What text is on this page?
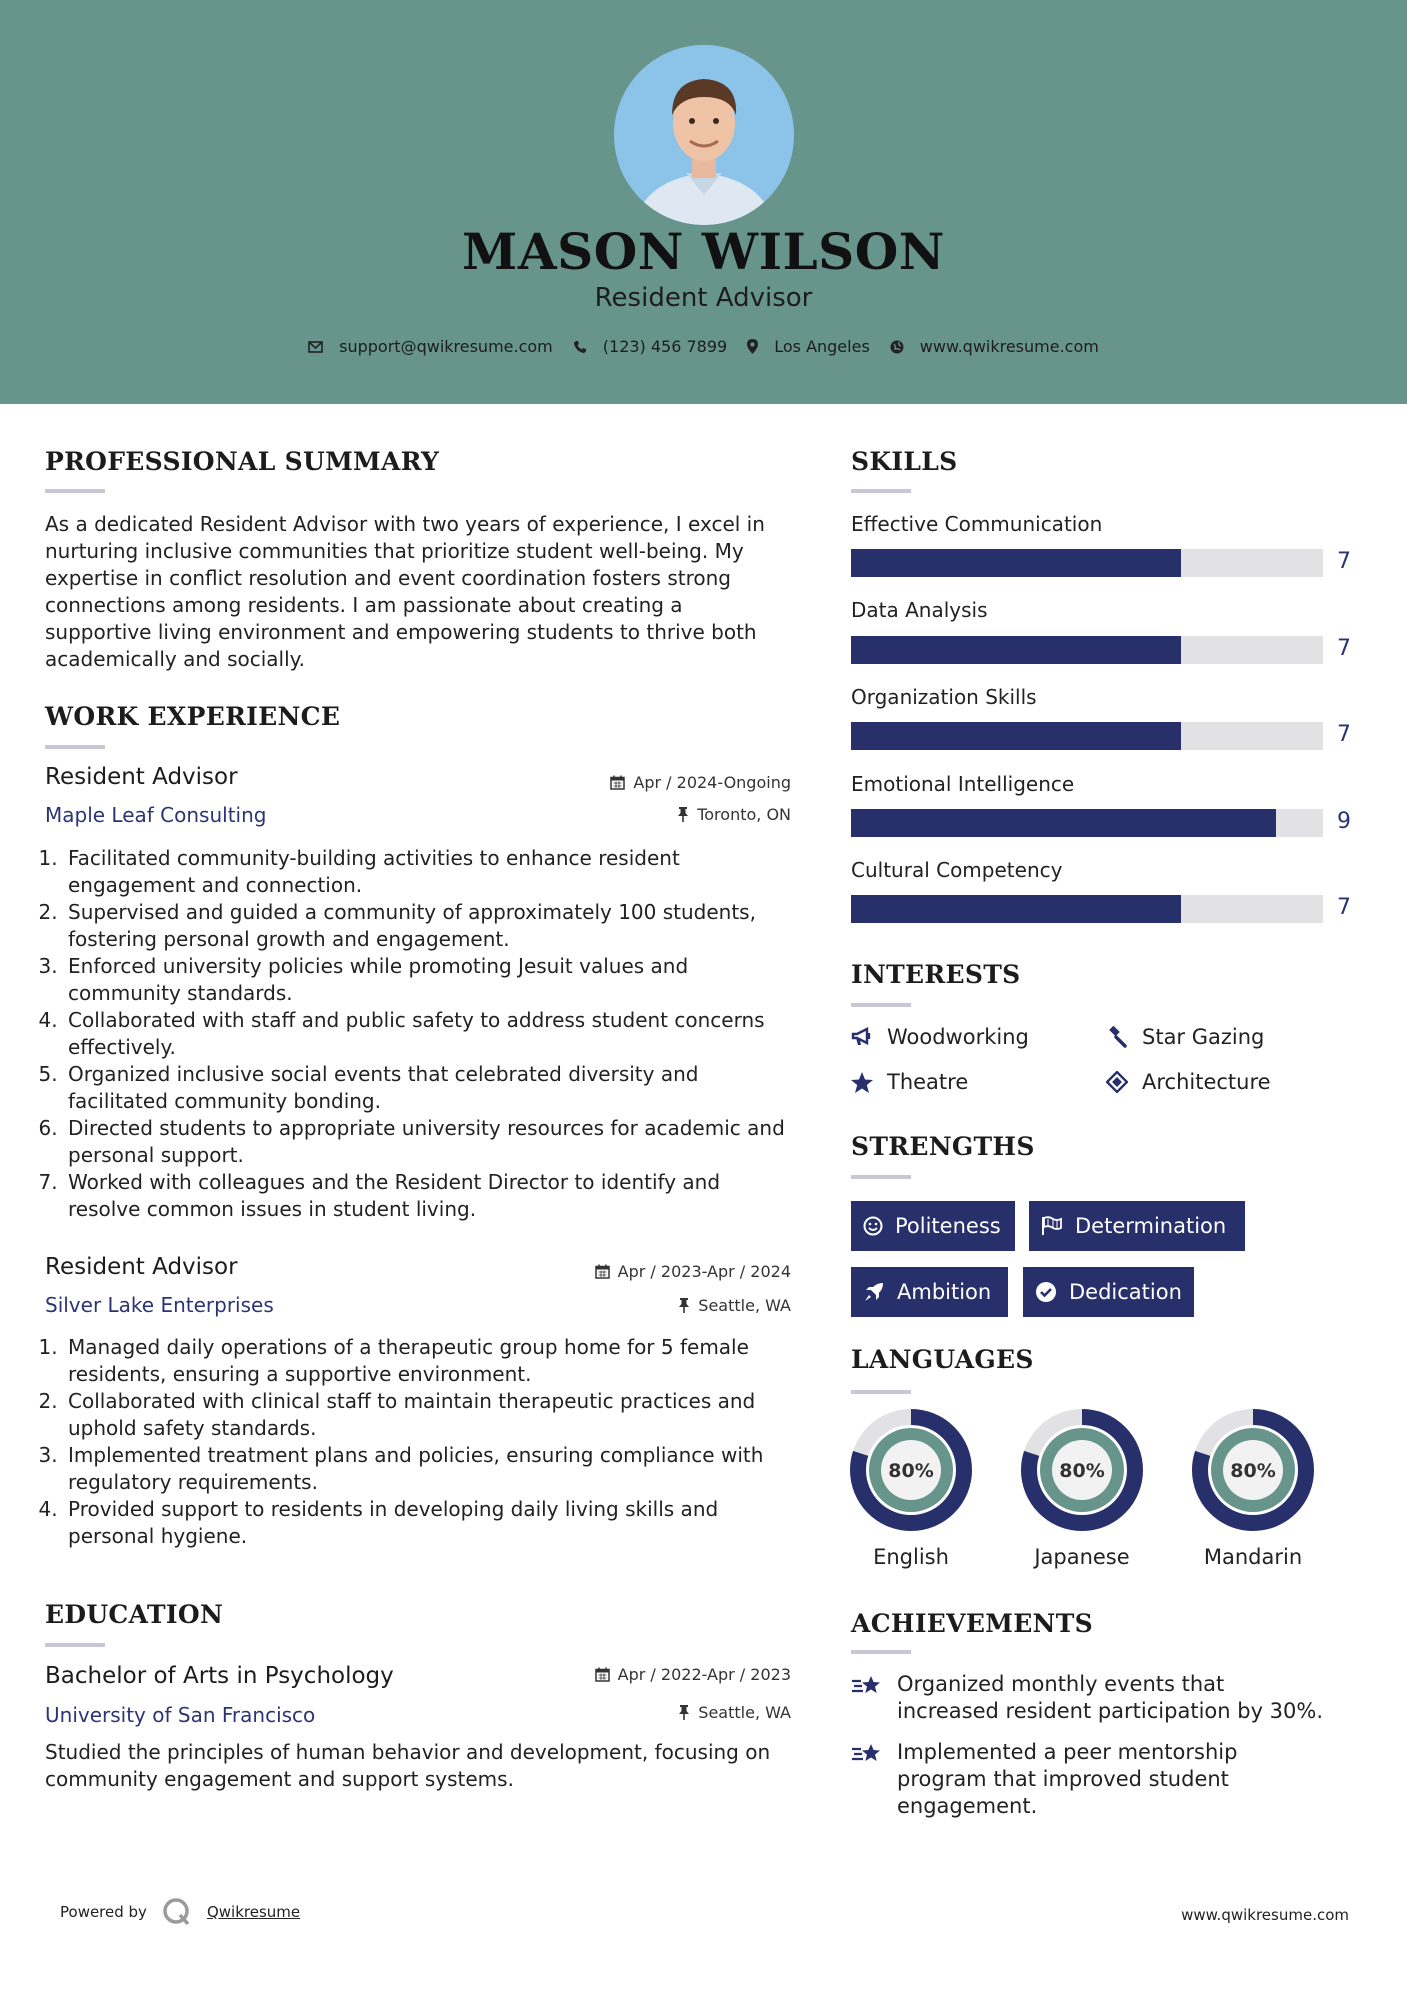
MASON WILSON
Resident Advisor
support@qwikresume.com	(123) 456 7899	Los Angeles	www.qwikresume.com
PROFESSIONAL SUMMARY
As a dedicated Resident Advisor with two years of experience, I excel in nurturing inclusive communities that prioritize student well-being. My expertise in conflict resolution and event coordination fosters strong connections among residents. I am passionate about creating a supportive living environment and empowering students to thrive both academically and socially.
WORK EXPERIENCE
Resident Advisor	Apr / 2024-Ongoing
Maple Leaf Consulting	Toronto, ON
1. Facilitated community-building activities to enhance resident engagement and connection.
2. Supervised and guided a community of approximately 100 students, fostering personal growth and engagement.
3. Enforced university policies while promoting Jesuit values and community standards.
4. Collaborated with staff and public safety to address student concerns effectively.
5. Organized inclusive social events that celebrated diversity and facilitated community bonding.
6. Directed students to appropriate university resources for academic and personal support.
7. Worked with colleagues and the Resident Director to identify and resolve common issues in student living.
Resident Advisor	Apr / 2023-Apr / 2024
Silver Lake Enterprises	Seattle, WA
1. Managed daily operations of a therapeutic group home for 5 female residents, ensuring a supportive environment.
2. Collaborated with clinical staff to maintain therapeutic practices and uphold safety standards.
3. Implemented treatment plans and policies, ensuring compliance with regulatory requirements.
4. Provided support to residents in developing daily living skills and personal hygiene.
EDUCATION
Bachelor of Arts in Psychology	Apr / 2022-Apr / 2023
University of San Francisco	Seattle, WA
Studied the principles of human behavior and development, focusing on community engagement and support systems.
SKILLS
Effective Communication
7
Data Analysis
7
Organization Skills
7
Emotional Intelligence
9
Cultural Competency
7
INTERESTS
Woodworking	Star Gazing
Theatre	Architecture
STRENGTHS
Politeness	Determination
Ambition	Dedication
LANGUAGES
80%
English
80%
Japanese
80%
Mandarin
ACHIEVEMENTS
Organized monthly events that increased resident participation by 30%.
Implemented a peer mentorship program that improved student engagement.
Powered by	Qwikresume	www.qwikresume.com
